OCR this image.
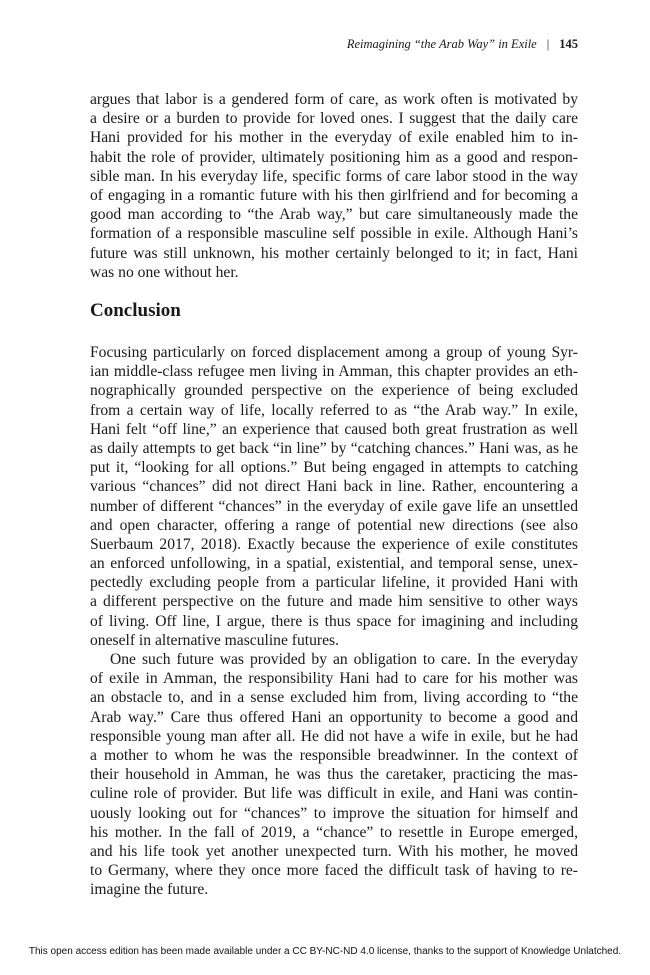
Reimagining “the Arab Way” in Exile | 145
argues that labor is a gendered form of care, as work often is motivated by
a desire or a burden to provide for loved ones. I suggest that the daily care
Hani provided for his mother in the everyday of exile enabled him to in-
habit the role of provider, ultimately positioning him as a good and respon-
sible man. In his everyday life, specific forms of care labor stood in the way
of engaging in a romantic future with his then girlfriend and for becoming a
good man according to “the Arab way,” but care simultaneously made the
formation of a responsible masculine self possible in exile. Although Hani’s
future was still unknown, his mother certainly belonged to it; in fact, Hani
was no one without her.
Conclusion
Focusing particularly on forced displacement among a group of young Syr-
ian middle-class refugee men living in Amman, this chapter provides an eth-
nographically grounded perspective on the experience of being excluded
from a certain way of life, locally referred to as “the Arab way.” In exile,
Hani felt “off line,” an experience that caused both great frustration as well
as daily attempts to get back “in line” by “catching chances.” Hani was, as he
put it, “looking for all options.” But being engaged in attempts to catching
various “chances” did not direct Hani back in line. Rather, encountering a
number of different “chances” in the everyday of exile gave life an unsettled
and open character, offering a range of potential new directions (see also
Suerbaum 2017, 2018). Exactly because the experience of exile constitutes
an enforced unfollowing, in a spatial, existential, and temporal sense, unex-
pectedly excluding people from a particular lifeline, it provided Hani with
a different perspective on the future and made him sensitive to other ways
of living. Off line, I argue, there is thus space for imagining and including
oneself in alternative masculine futures.
One such future was provided by an obligation to care. In the everyday
of exile in Amman, the responsibility Hani had to care for his mother was
an obstacle to, and in a sense excluded him from, living according to “the
Arab way.” Care thus offered Hani an opportunity to become a good and
responsible young man after all. He did not have a wife in exile, but he had
a mother to whom he was the responsible breadwinner. In the context of
their household in Amman, he was thus the caretaker, practicing the mas-
culine role of provider. But life was difficult in exile, and Hani was contin-
uously looking out for “chances” to improve the situation for himself and
his mother. In the fall of 2019, a “chance” to resettle in Europe emerged,
and his life took yet another unexpected turn. With his mother, he moved
to Germany, where they once more faced the difficult task of having to re-
imagine the future.
This open access edition has been made available under a CC BY-NC-ND 4.0 license, thanks to the support of Knowledge Unlatched.
